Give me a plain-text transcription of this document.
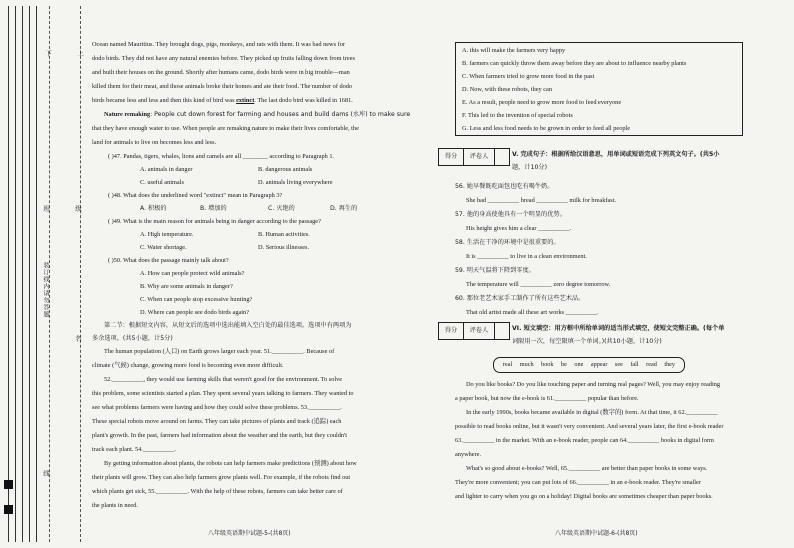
下	上
班	级
装订线内请勿答题
名
线
Ocean named Mauritius. They brought dogs, pigs, monkeys, and rats with them. It was bad news for
dodo birds. They did not have any natural enemies before. They picked up fruits falling down from trees
and built their houses on the ground. Shortly after humans came, dodo birds were in big trouble—man
killed them for their meat, and those animals broke their homes and ate their food. The number of dodo
birds became less and less and then this kind of bird was extinct. The last dodo bird was killed in 1681.
Nature remaking: People cut down forest for farming and houses and build dams (水库) to make sure
that they have enough water to use. When people are remaking nature to make their lives comfortable, the
land for animals to live on becomes less and less.
( )47. Pandas, tigers, whales, lions and camels are all ________ according to Paragraph 1.
A. animals in danger	B. dangerous animals
C. useful animals	D. animals living everywhere
( )48. What does the underlined word "extinct" mean in Paragraph 3?
A. 积极的	B. 增加的	C. 灭绝的	D. 再生的
( )49. What is the main reason for animals being in danger according to the passage?
A. High temperature.	B. Human activities.
C. Water shortage.	D. Serious illnesses.
( )50. What does the passage mainly talk about?
A. How can people protect wild animals?
B. Why are some animals in danger?
C. When can people stop excessive hunting?
D. Where can people see dodo birds again?
第二节：根据短文内容，从短文后的选项中选出能填入空白处的最佳选项。选项中有两项为
多余选项。(共5小题，计5分)
The human population (人口) on Earth grows larger each year. 51.__________. Because of
climate (气候) change, growing more food is becoming even more difficult.
52.__________, they would use farming skills that weren't good for the environment. To solve
this problem, some scientists started a plan. They spent several years talking to farmers. They wanted to
see what problems farmers were having and how they could solve these problems. 53.__________.
These special robots move around on farms. They can take pictures of plants and track (追踪) each
plant's growth. In the past, farmers had information about the weather and the earth, but they couldn't
track each plant. 54.__________.
By getting information about plants, the robots can help farmers make predictions (预测) about how
their plants will grow. They can also help farmers grow plants well. For example, if the robots find out
which plants get sick, 55.__________. With the help of these robots, farmers can take better care of
the plants in need.
八年级英语期中试题-5-(共8页)
A. this will make the farmers very happy
B. farmers can quickly throw them away before they are about to influence nearby plants
C. When farmers tried to grow more food in the past
D. Now, with these robots, they can
E. As a result, people need to grow more food to feed everyone
F. This led to the invention of special robots
G. Less and less food needs to be grown in order to feed all people
得分	评卷人	V. 完成句子：根据所给汉语意思，用单词或短语完成下列英文句子。(共5小
题，计10分)
56. 她早餐既吃面包也吃有喝牛奶。
She had __________ bread __________ milk for breakfast.
57. 他的身高使他具有一个明显的优势。
His height gives him a clear __________.
58. 生活在干净的环境中是很重要的。
It is __________ to live in a clean environment.
59. 明天气温将下降到零度。
The temperature will __________ zero degree tomorrow.
60. 那位老艺术家手工制作了所有这些艺术品。
That old artist made all these art works __________.
得分	评卷人	VI. 短文填空：用方框中所给单词的适当形式填空，使短文完整正确。(每个单
词限用一次，每空限填一个单词。)(共10小题，计10分)
real much book be one appear see fall read they
Do you like books? Do you like touching paper and turning real pages? Well, you may enjoy reading
a paper book, but now the e-book is 61.__________ popular than before.
In the early 1990s, books became available in digital (数字的) form. At that time, it 62.__________
possible to read books online, but it wasn't very convenient. And several years later, the first e-book reader
63.__________ in the market. With an e-book reader, people can 64.__________ books in digital form
anywhere.
What's so good about e-books? Well, 65.__________ are better than paper books in some ways.
They're more convenient; you can put lots of 66.__________ in an e-book reader. They're smaller
and lighter to carry when you go on a holiday! Digital books are sometimes cheaper than paper books.
八年级英语期中试题-6-(共8页)
